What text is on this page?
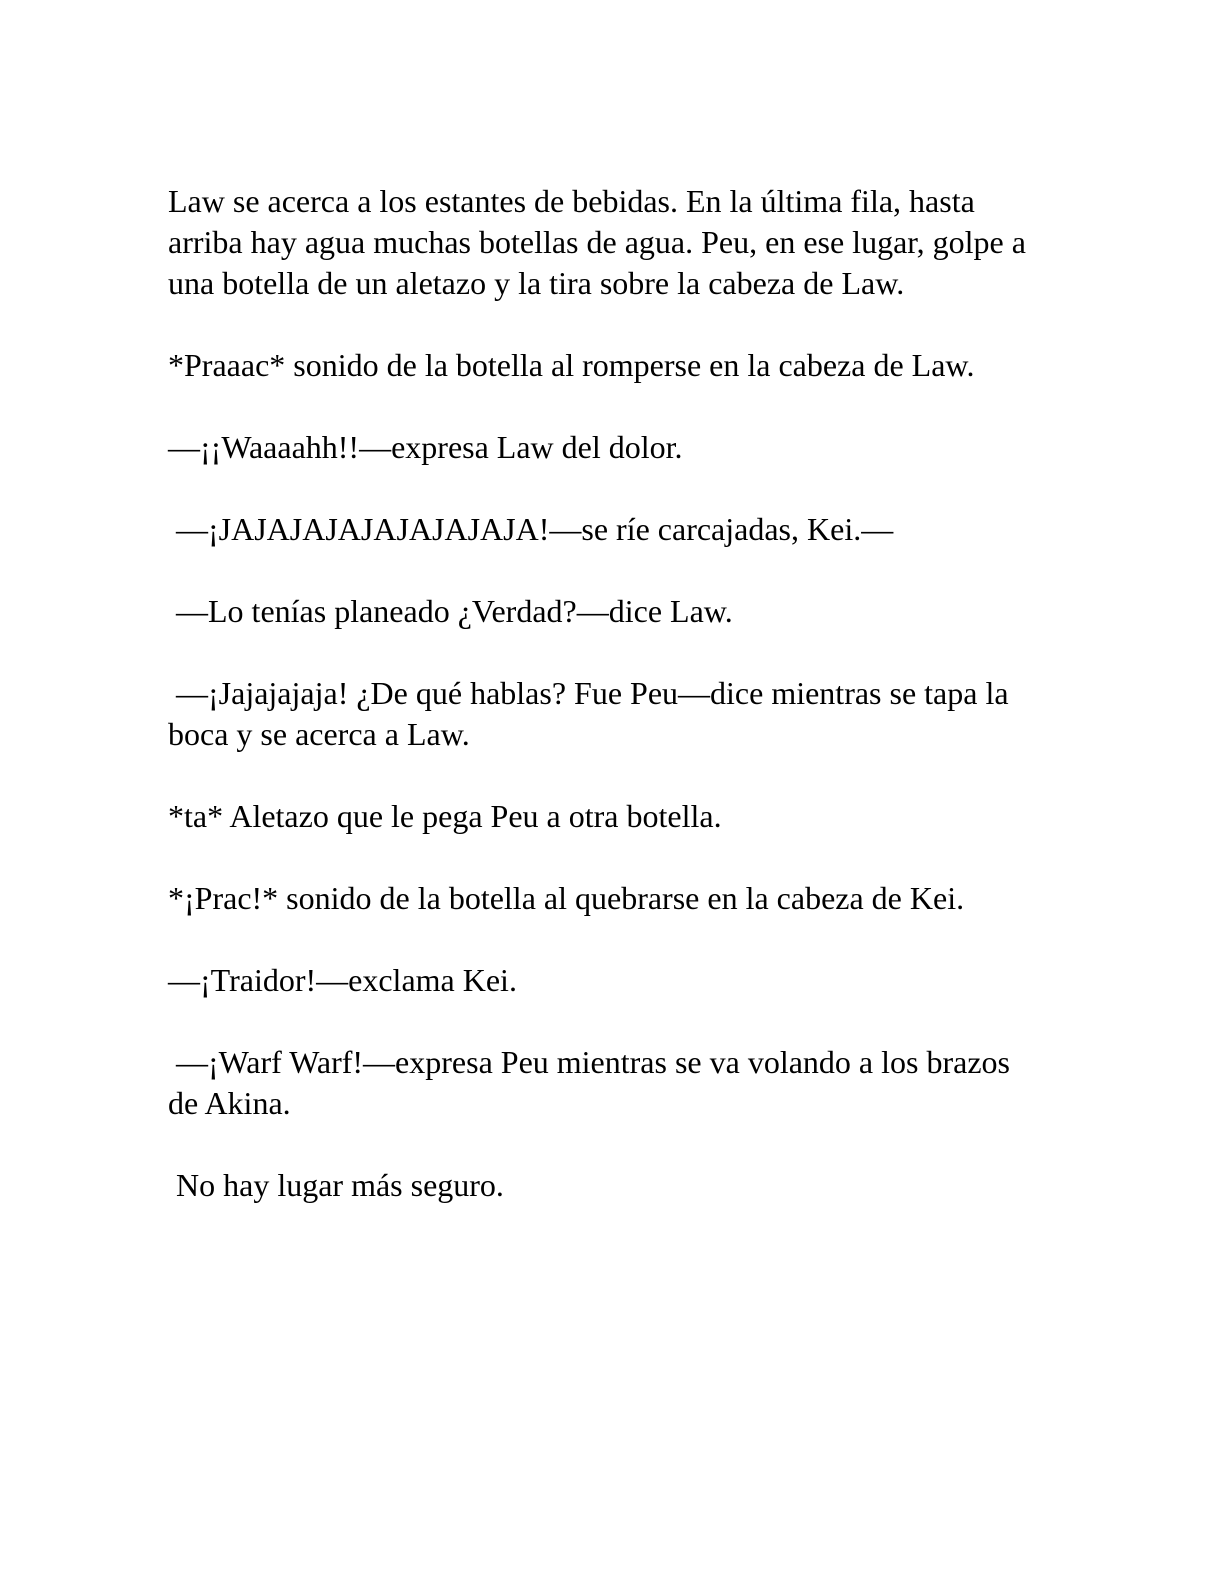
Law se acerca a los estantes de bebidas. En la última fila, hasta arriba hay agua muchas botellas de agua. Peu, en ese lugar, golpe a una botella de un aletazo y la tira sobre la cabeza de Law.

*Praaac* sonido de la botella al romperse en la cabeza de Law.

—¡¡Waaaahh!!—expresa Law del dolor.

—¡JAJAJAJAJAJAJAJAJA!—se ríe carcajadas, Kei.—

—Lo tenías planeado ¿Verdad?—dice Law.

—¡Jajajajaja! ¿De qué hablas? Fue Peu—dice mientras se tapa la boca y se acerca a Law.

*ta* Aletazo que le pega Peu a otra botella.

*¡Prac!* sonido de la botella al quebrarse en la cabeza de Kei.

—¡Traidor!—exclama Kei.

—¡Warf Warf!—expresa Peu mientras se va volando a los brazos de Akina.

No hay lugar más seguro.
